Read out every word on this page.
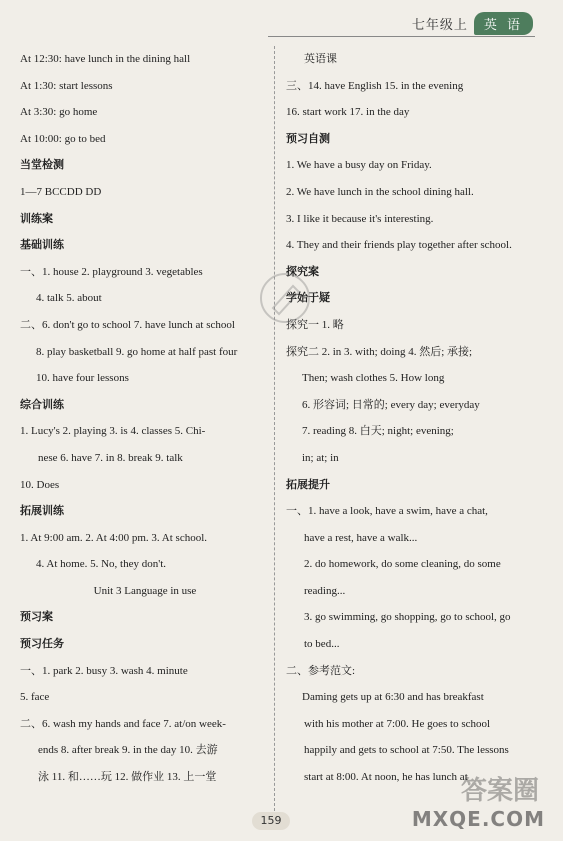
七年级上	英 语
At 12:30: have lunch in the dining hall
At 1:30: start lessons
At 3:30: go home
At 10:00: go to bed
当堂检测
1—7 BCCDD DD
训练案
基础训练
一、1. house 2. playground 3. vegetables
4. talk 5. about
二、6. don't go to school 7. have lunch at school
8. play basketball 9. go home at half past four
10. have four lessons
综合训练
1. Lucy's 2. playing 3. is 4. classes 5. Chi-
nese 6. have 7. in 8. break 9. talk
10. Does
拓展训练
1. At 9:00 am. 2. At 4:00 pm. 3. At school.
4. At home. 5. No, they don't.
Unit 3 Language in use
预习案
预习任务
一、1. park 2. busy 3. wash 4. minute
5. face
二、6. wash my hands and face 7. at/on week-
ends 8. after break 9. in the day 10. 去游
泳 11. 和……玩 12. 做作业 13. 上一堂
英语课
三、14. have English 15. in the evening
16. start work 17. in the day
预习自测
1. We have a busy day on Friday.
2. We have lunch in the school dining hall.
3. I like it because it's interesting.
4. They and their friends play together after school.
探究案
学始于疑
探究一 1. 略
探究二 2. in 3. with; doing 4. 然后; 承接;
Then; wash clothes 5. How long
6. 形容词; 日常的; every day; everyday
7. reading 8. 白天; night; evening;
in; at; in
拓展提升
一、1. have a look, have a swim, have a chat,
have a rest, have a walk...
2. do homework, do some cleaning, do some
reading...
3. go swimming, go shopping, go to school, go
to bed...
二、参考范文:
Daming gets up at 6:30 and has breakfast
with his mother at 7:00. He goes to school
happily and gets to school at 7:50. The lessons
start at 8:00. At noon, he has lunch at
159
答案圈
MXQE.COM
